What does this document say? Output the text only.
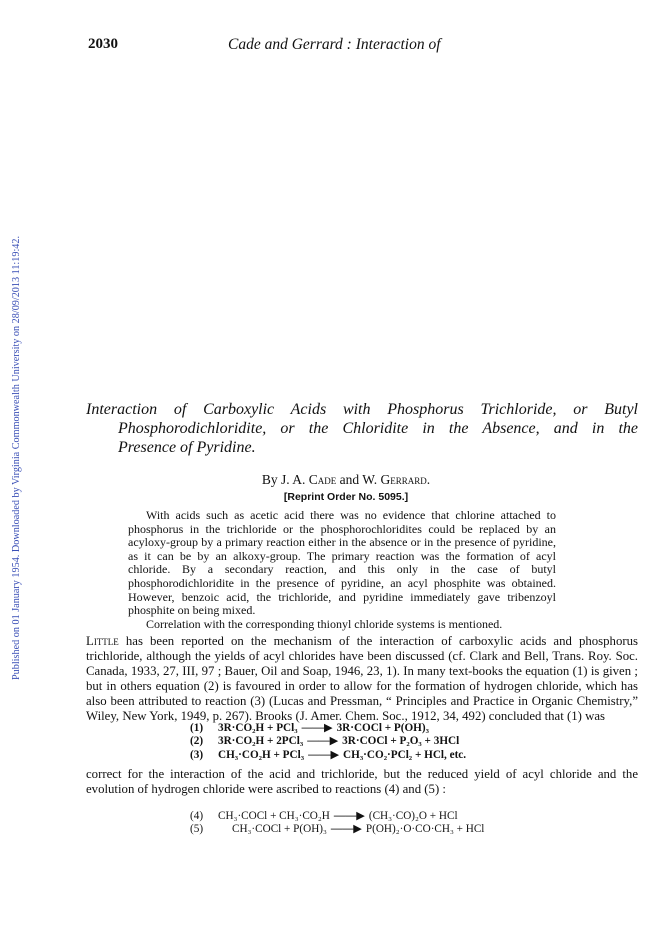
Published on 01 January 1954. Downloaded by Virginia Commonwealth University on 28/09/2013 11:19:42.
2030	Cade and Gerrard : Interaction of
Interaction of Carboxylic Acids with Phosphorus Trichloride, or Butyl
Phosphorodichloridite, or the Chloridite in the Absence, and in the
Presence of Pyridine.
By J. A. Cade and W. Gerrard.
[Reprint Order No. 5095.]

With acids such as acetic acid there was no evidence that chlorine attached to phosphorus in the trichloride or the phosphorochloridites could be replaced by an acyloxy-group by a primary reaction either in the absence or in the presence of pyridine, as it can be by an alkoxy-group. The primary reaction was the formation of acyl chloride. By a secondary reaction, and this only in the case of butyl phosphorodichloridite in the presence of pyridine, an acyl phosphite was obtained. However, benzoic acid, the trichloride, and pyridine immediately gave tribenzoyl phosphite on being mixed.

Correlation with the corresponding thionyl chloride systems is mentioned.

Little has been reported on the mechanism of the interaction of carboxylic acids and phosphorus trichloride, although the yields of acyl chlorides have been discussed (cf. Clark and Bell, Trans. Roy. Soc. Canada, 1933, 27, III, 97 ; Bauer, Oil and Soap, 1946, 23, 1). In many text-books the equation (1) is given ; but in others equation (2) is favoured in order to allow for the formation of hydrogen chloride, which has also been attributed to reaction (3) (Lucas and Pressman, “ Principles and Practice in Organic Chemistry,” Wiley, New York, 1949, p. 267). Brooks (J. Amer. Chem. Soc., 1912, 34, 492) concluded that (1) was

(1)	3R·CO₂H + PCl₃ ——▶ 3R·COCl + P(OH)₃
(2)	3R·CO₂H + 2PCl₃ ——▶ 3R·COCl + P₂O₃ + 3HCl
(3)	CH₃·CO₂H + PCl₃ ——▶ CH₃·CO₂·PCl₂ + HCl, etc.

correct for the interaction of the acid and trichloride, but the reduced yield of acyl chloride and the evolution of hydrogen chloride were ascribed to reactions (4) and (5) :

(4)	CH₃·COCl + CH₃·CO₂H ——▶ (CH₃·CO)₂O + HCl
(5)	  CH₃·COCl + P(OH)₃ ——▶ P(OH)₂·O·CO·CH₃ + HCl
